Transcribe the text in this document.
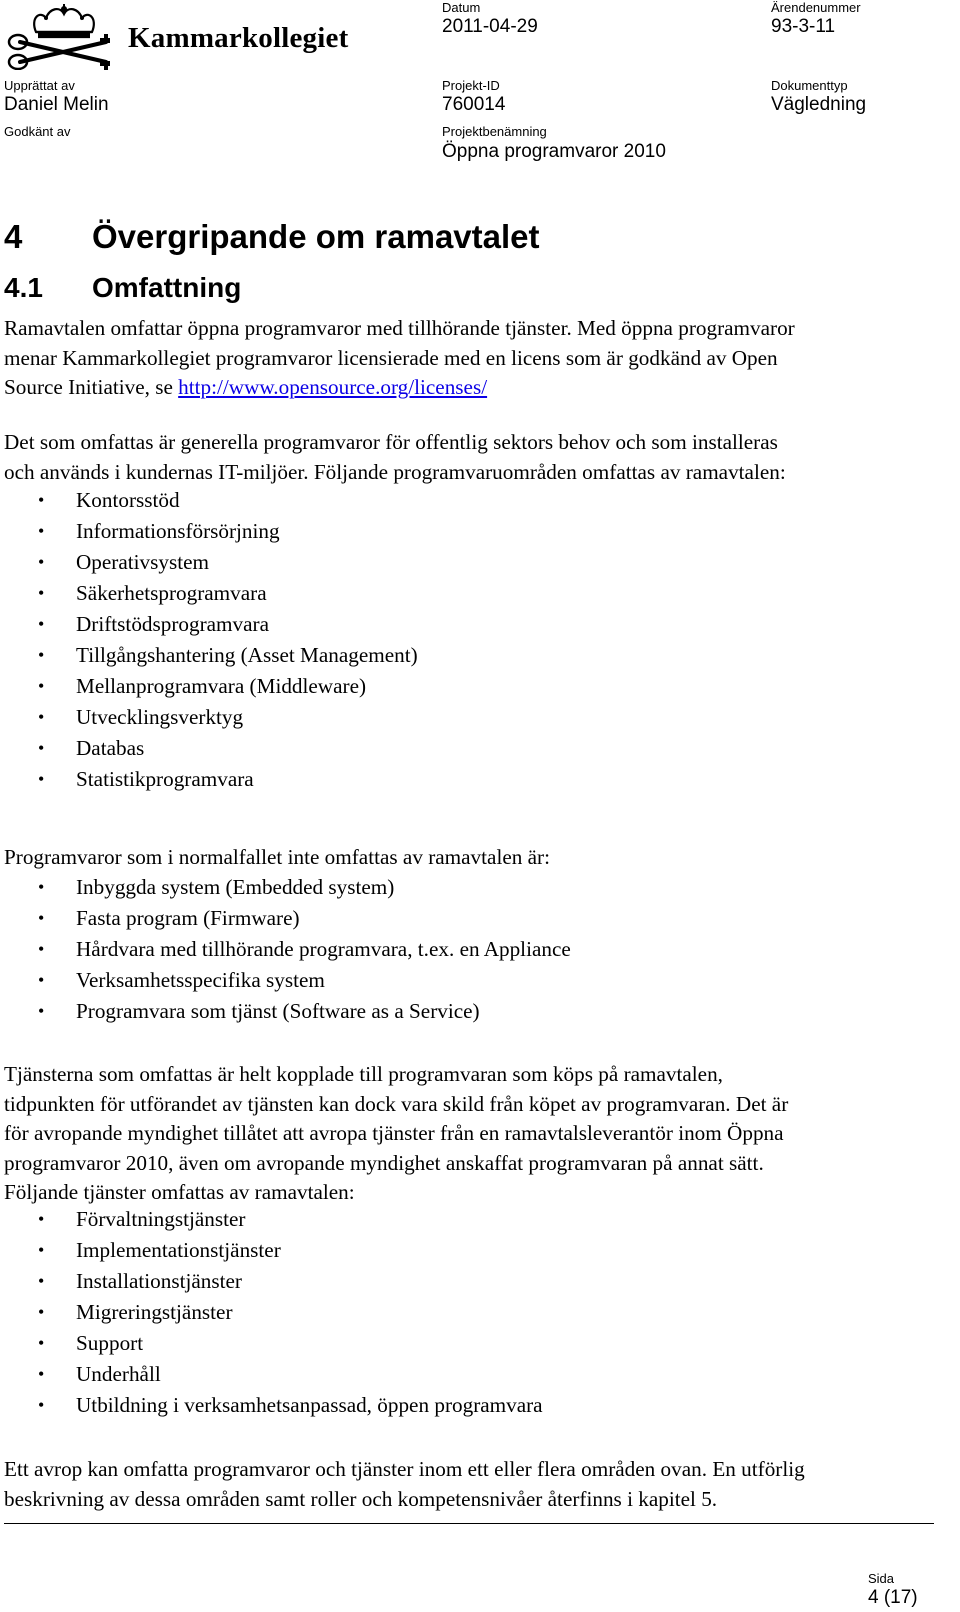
Kammarkollegiet
Datum
2011-04-29
Ärendenummer
93-3-11
Upprättat av
Daniel Melin
Projekt-ID
760014
Dokumenttyp
Vägledning
Godkänt av	Projektbenämning
Öppna programvaror 2010
4 Övergripande om ramavtalet
4.1 Omfattning
Ramavtalen omfattar öppna programvaror med tillhörande tjänster. Med öppna programvaror
menar Kammarkollegiet programvaror licensierade med en licens som är godkänd av Open
Source Initiative, se http://www.opensource.org/licenses/
Det som omfattas är generella programvaror för offentlig sektors behov och som installeras
och används i kundernas IT-miljöer. Följande programvaruområden omfattas av ramavtalen:
• Kontorsstöd
• Informationsförsörjning
• Operativsystem
• Säkerhetsprogramvara
• Driftstödsprogramvara
• Tillgångshantering (Asset Management)
• Mellanprogramvara (Middleware)
• Utvecklingsverktyg
• Databas
• Statistikprogramvara
Programvaror som i normalfallet inte omfattas av ramavtalen är:
• Inbyggda system (Embedded system)
• Fasta program (Firmware)
• Hårdvara med tillhörande programvara, t.ex. en Appliance
• Verksamhetsspecifika system
• Programvara som tjänst (Software as a Service)
Tjänsterna som omfattas är helt kopplade till programvaran som köps på ramavtalen,
tidpunkten för utförandet av tjänsten kan dock vara skild från köpet av programvaran. Det är
för avropande myndighet tillåtet att avropa tjänster från en ramavtalsleverantör inom Öppna
programvaror 2010, även om avropande myndighet anskaffat programvaran på annat sätt.
Följande tjänster omfattas av ramavtalen:
• Förvaltningstjänster
• Implementationstjänster
• Installationstjänster
• Migreringstjänster
• Support
• Underhåll
• Utbildning i verksamhetsanpassad, öppen programvara
Ett avrop kan omfatta programvaror och tjänster inom ett eller flera områden ovan. En utförlig
beskrivning av dessa områden samt roller och kompetensnivåer återfinns i kapitel 5.
Sida
4 (17)
